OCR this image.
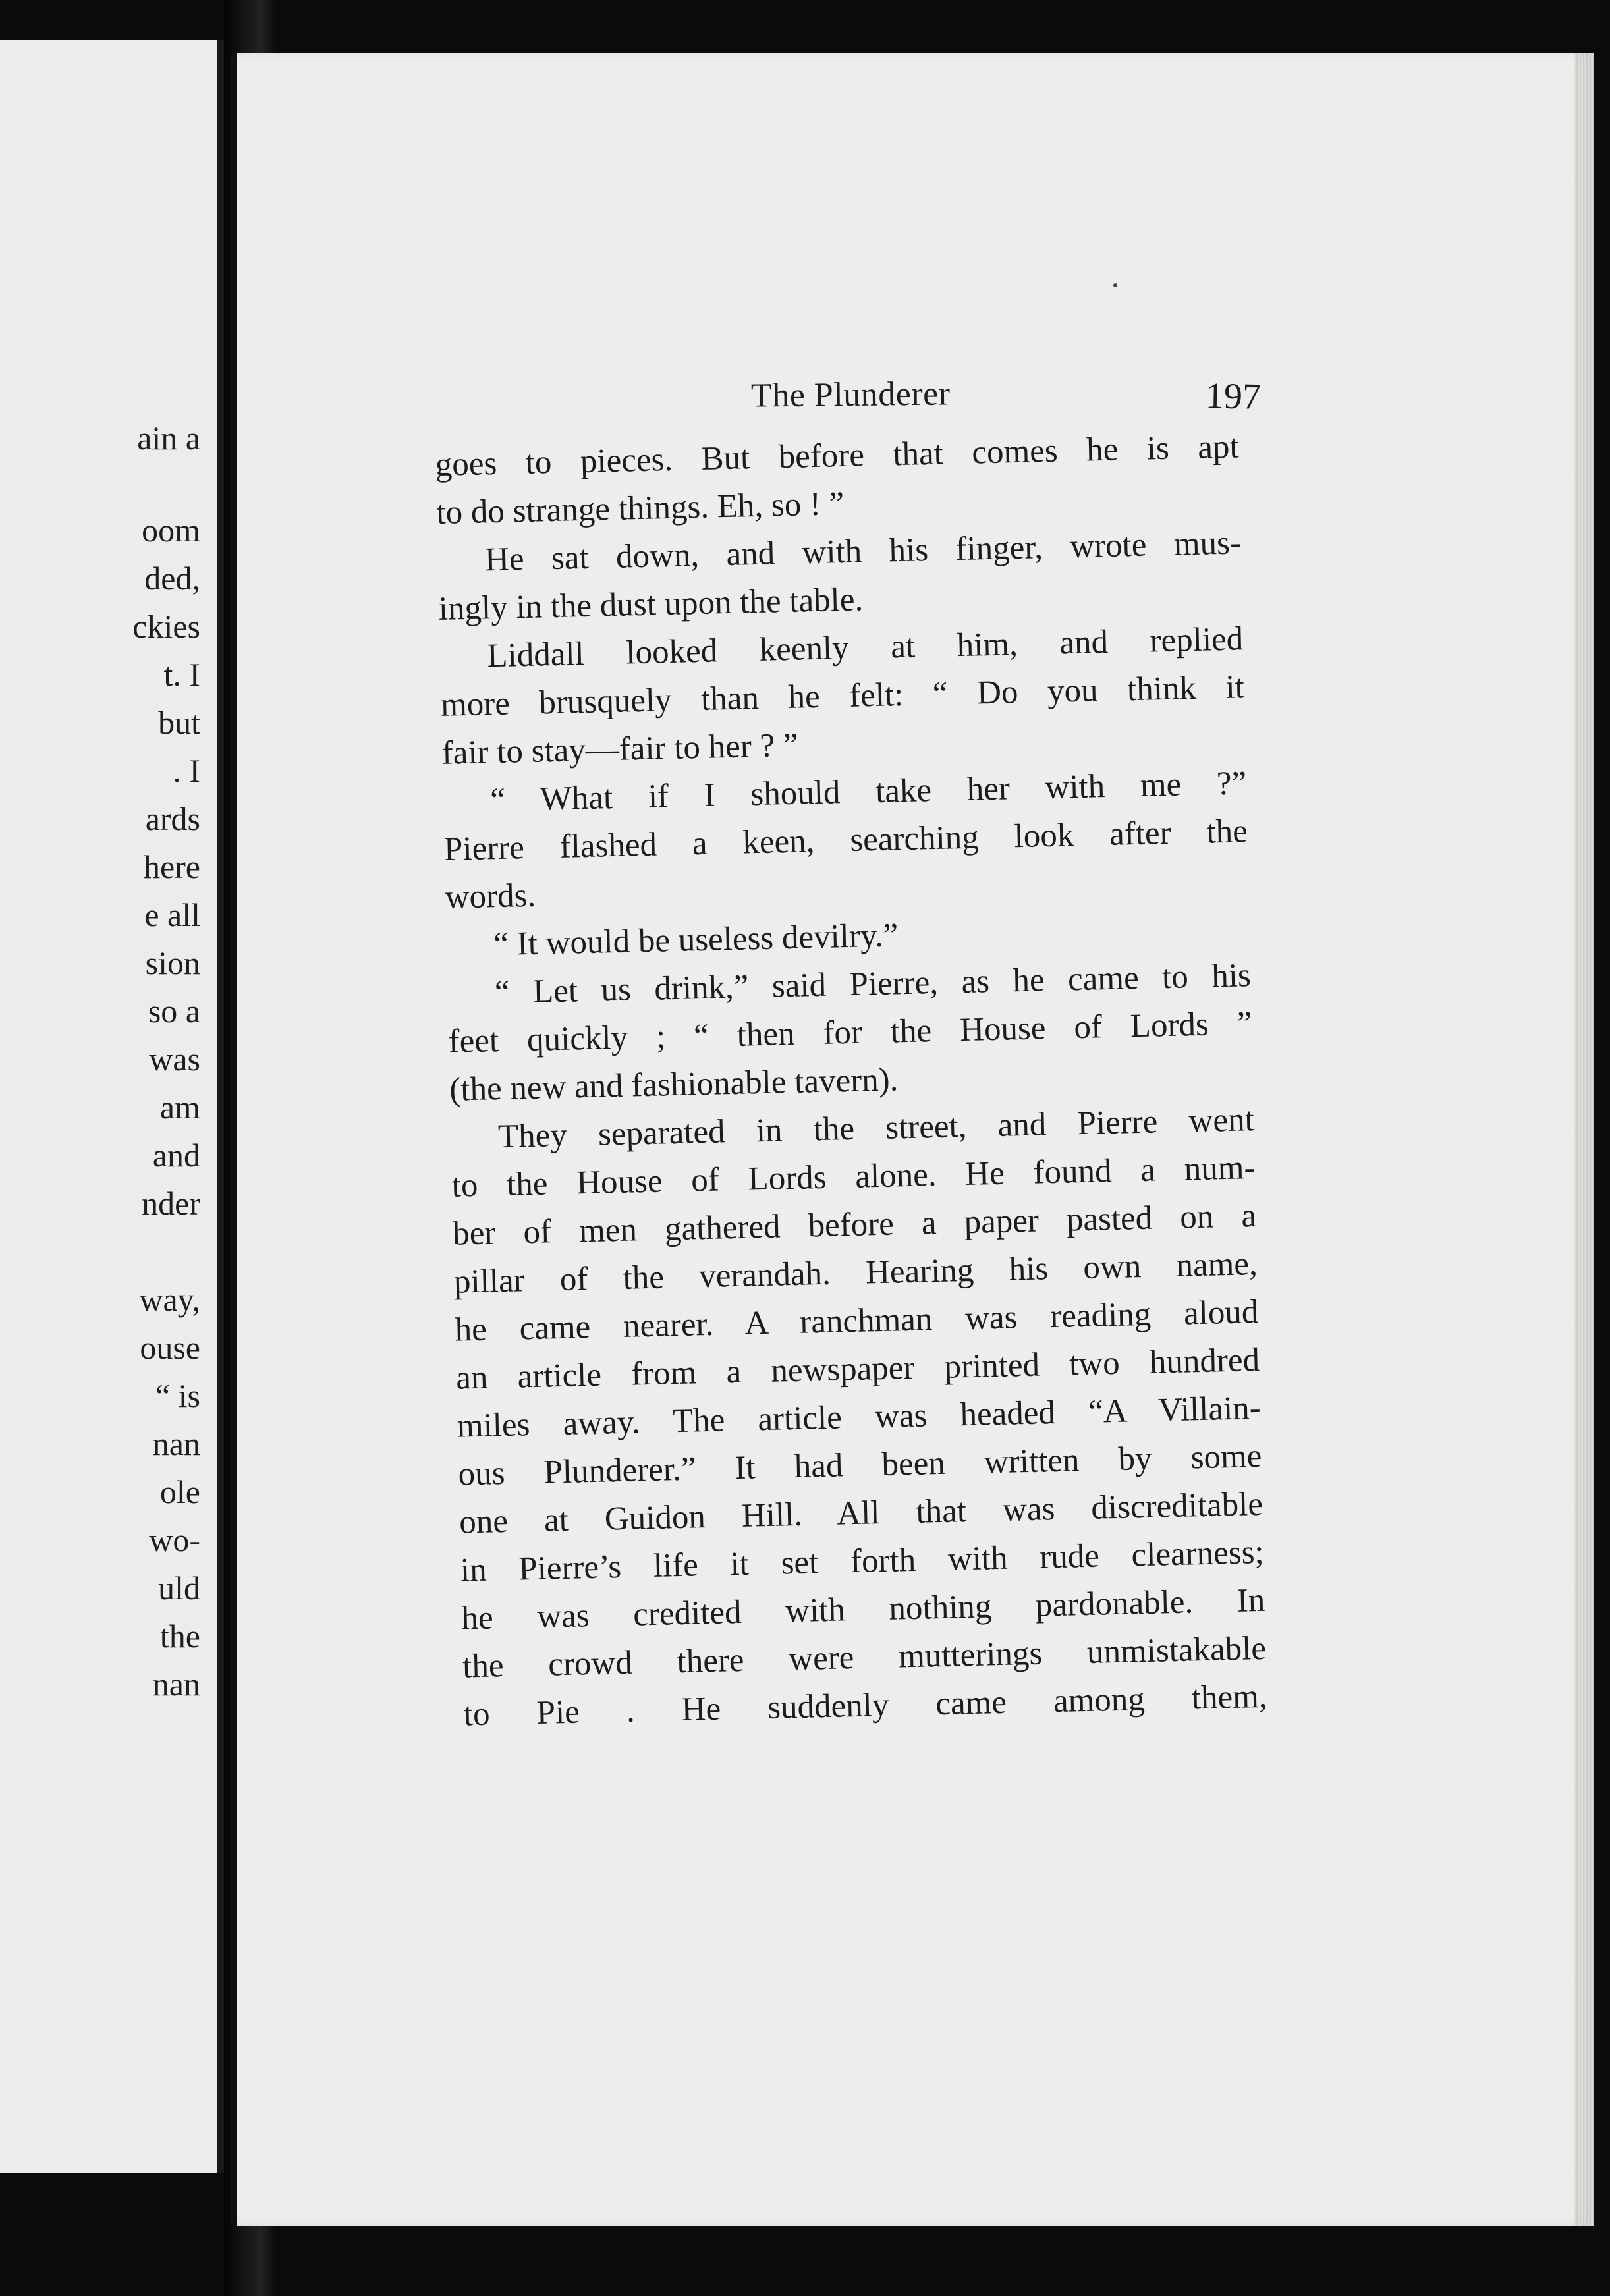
ain a
oom
ded,
ckies
t. I
but
. I
ards
here
e all
sion
so a
was
am
and
nder
way,
ouse
“ is
nan
ole
wo-
uld
the
nan
The Plunderer	197
goes to pieces. But before that comes he is apt
to do strange things. Eh, so ! ”
He sat down, and with his finger, wrote mus-
ingly in the dust upon the table.
Liddall looked keenly at him, and replied
more brusquely than he felt: “ Do you think it
fair to stay—fair to her ? ”
“ What if I should take her with me ?”
Pierre flashed a keen, searching look after the
words.
“ It would be useless devilry.”
“ Let us drink,” said Pierre, as he came to his
feet quickly ; “ then for the House of Lords ”
(the new and fashionable tavern).
They separated in the street, and Pierre went
to the House of Lords alone. He found a num-
ber of men gathered before a paper pasted on a
pillar of the verandah. Hearing his own name,
he came nearer. A ranchman was reading aloud
an article from a newspaper printed two hundred
miles away. The article was headed “A Villain-
ous Plunderer.” It had been written by some
one at Guidon Hill. All that was discreditable
in Pierre’s life it set forth with rude clearness;
he was credited with nothing pardonable. In
the crowd there were mutterings unmistakable
to Pie . He suddenly came among them,
